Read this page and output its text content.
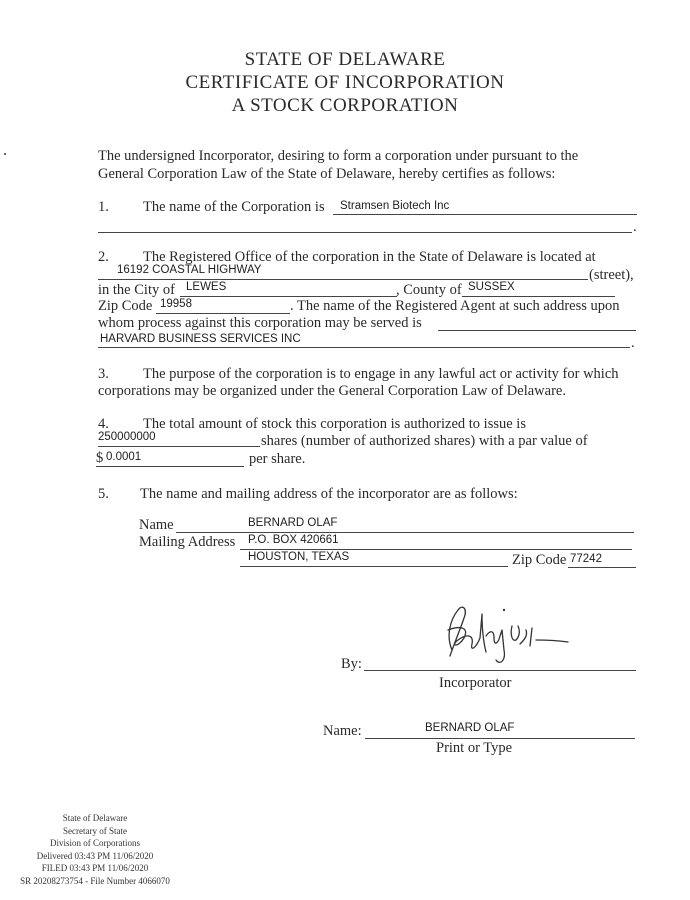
STATE OF DELAWARE
CERTIFICATE OF INCORPORATION
A STOCK CORPORATION
The undersigned Incorporator, desiring to form a corporation under pursuant to the
General Corporation Law of the State of Delaware, hereby certifies as follows:
1. The name of the Corporation is Stramsen Biotech Inc
.
2. The Registered Office of the corporation in the State of Delaware is located at
16192 COASTAL HIGHWAY	(street),
in the City of LEWES	, County of SUSSEX
Zip Code 19958	. The name of the Registered Agent at such address upon
whom process against this corporation may be served is
HARVARD BUSINESS SERVICES INC	.
3. The purpose of the corporation is to engage in any lawful act or activity for which
corporations may be organized under the General Corporation Law of Delaware.
4. The total amount of stock this corporation is authorized to issue is
250000000	shares (number of authorized shares) with a par value of
$ 0.0001	per share.
5. The name and mailing address of the incorporator are as follows:
Name	BERNARD OLAF
Mailing Address P.O. BOX 420661
HOUSTON, TEXAS	Zip Code 77242
By:
Incorporator
Name:	BERNARD OLAF
Print or Type
State of Delaware
Secretary of State
Division of Corporations
Delivered 03:43 PM 11/06/2020
FILED 03:43 PM 11/06/2020
SR 20208273754 - File Number 4066070
